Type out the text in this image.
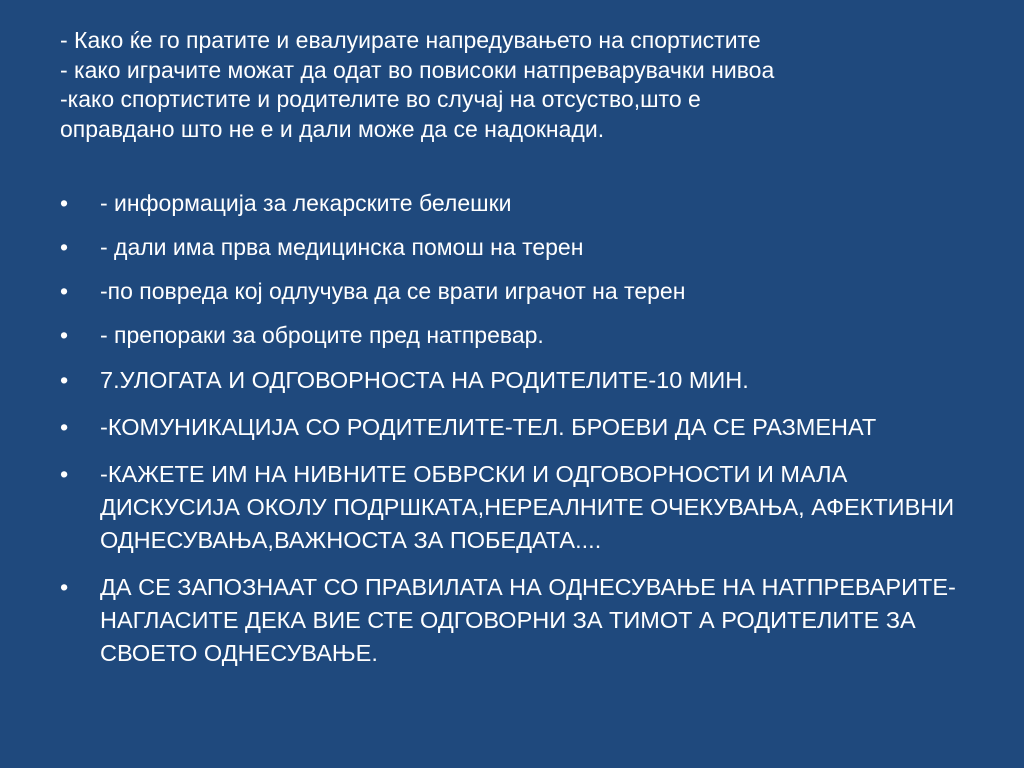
- Како ќе го пратите и евалуирате напредувањето на спортистите
- како играчите можат да одат во повисоки натпреварувачки нивоа
-како спортистите и родителите во случај на отсуство,што е
оправдано што не е и дали може да се надокнади.

•	- информација за лекарските белешки
•	- дали има прва медицинска помош на терен
•	-по повреда кој одлучува да се врати играчот на терен
•	- препораки за оброците пред натпревар.
•	7.УЛОГАТА И ОДГОВОРНОСТА НА РОДИТЕЛИТЕ-10 МИН.
•	-КОМУНИКАЦИЈА СО РОДИТЕЛИТЕ-ТЕЛ. БРОЕВИ ДА СЕ РАЗМЕНАТ
•	-КАЖЕТЕ ИМ НА НИВНИТЕ ОБВРСКИ И ОДГОВОРНОСТИ И МАЛА ДИСКУСИЈА ОКОЛУ ПОДРШКАТА,НЕРЕАЛНИТЕ ОЧЕКУВАЊА, АФЕКТИВНИ ОДНЕСУВАЊА,ВАЖНОСТА ЗА ПОБЕДАТА....
•	ДА СЕ ЗАПОЗНААТ СО ПРАВИЛАТА НА ОДНЕСУВАЊЕ НА НАТПРЕВАРИТЕ-НАГЛАСИТЕ ДЕКА ВИЕ СТЕ ОДГОВОРНИ ЗА ТИМОТ А РОДИТЕЛИТЕ ЗА СВОЕТО ОДНЕСУВАЊЕ.
